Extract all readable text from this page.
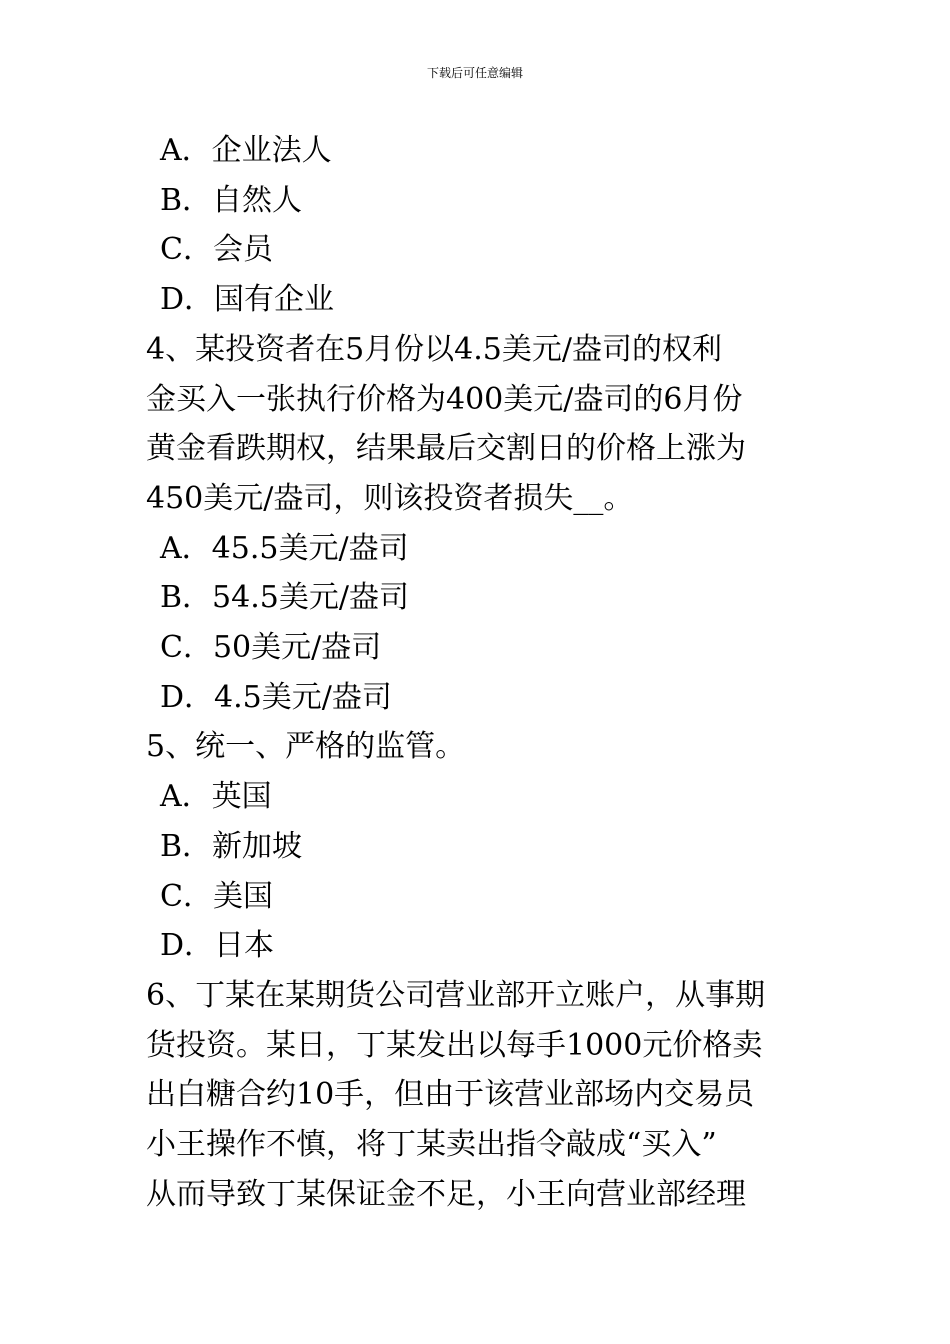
下载后可任意编辑
A．企业法人
B．自然人
C．会员
D．国有企业
4、某投资者在5月份以4.5美元/盎司的权利
金买入一张执行价格为400美元/盎司的6月份
黄金看跌期权，结果最后交割日的价格上涨为
450美元/盎司，则该投资者损失__。
A．45.5美元/盎司
B．54.5美元/盎司
C．50美元/盎司
D．4.5美元/盎司
5、统一、严格的监管。
A．英国
B．新加坡
C．美国
D．日本
6、丁某在某期货公司营业部开立账户，从事期
货投资。某日，丁某发出以每手1000元价格卖
出白糖合约10手，但由于该营业部场内交易员
小王操作不慎，将丁某卖出指令敲成“买入”
从而导致丁某保证金不足，小王向营业部经理
